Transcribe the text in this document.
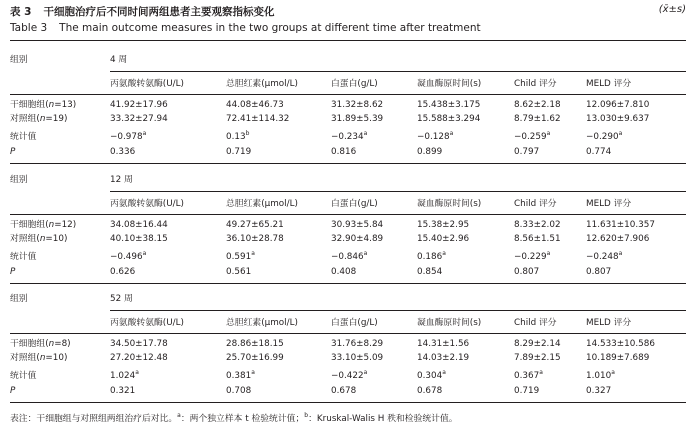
表 3 干细胞治疗后不同时间两组患者主要观察指标变化	(x̄±s)
Table 3 The main outcome measures in the two groups at different time after treatment
组别	4 周
丙氨酸转氨酶(U/L)	总胆红素(μmol/L)	白蛋白(g/L)	凝血酶原时间(s)	Child 评分	MELD 评分
干细胞组(n=13)	41.92±17.96	44.08±46.73	31.32±8.62	15.438±3.175	8.62±2.18	12.096±7.810
对照组(n=19)	33.32±27.94	72.41±114.32	31.89±5.39	15.588±3.294	8.79±1.62	13.030±9.637
统计值	−0.978$^a$	0.13$^b$	−0.234$^a$	−0.128$^a$	−0.259$^a$	−0.290$^a$
P	0.336	0.719	0.816	0.899	0.797	0.774
组别	12 周
丙氨酸转氨酶(U/L)	总胆红素(μmol/L)	白蛋白(g/L)	凝血酶原时间(s)	Child 评分	MELD 评分
干细胞组(n=12)	34.08±16.44	49.27±65.21	30.93±5.84	15.38±2.95	8.33±2.02	11.631±10.357
对照组(n=10)	40.10±38.15	36.10±28.78	32.90±4.89	15.40±2.96	8.56±1.51	12.620±7.906
统计值	−0.496$^a$	0.591$^a$	−0.846$^a$	0.186$^a$	−0.229$^a$	−0.248$^a$
P	0.626	0.561	0.408	0.854	0.807	0.807
组别	52 周
丙氨酸转氨酶(U/L)	总胆红素(μmol/L)	白蛋白(g/L)	凝血酶原时间(s)	Child 评分	MELD 评分
干细胞组(n=8)	34.50±17.78	28.86±18.15	31.76±8.29	14.31±1.56	8.29±2.14	14.533±10.586
对照组(n=10)	27.20±12.48	25.70±16.99	33.10±5.09	14.03±2.19	7.89±2.15	10.189±7.689
统计值	1.024$^a$	0.381$^a$	−0.422$^a$	0.304$^a$	0.367$^a$	1.010$^a$
P	0.321	0.708	0.678	0.678	0.719	0.327
表注：干细胞组与对照组两组治疗后对比。$^a$：两个独立样本 t 检验统计值；$^b$：Kruskal-Walis H 秩和检验统计值。
